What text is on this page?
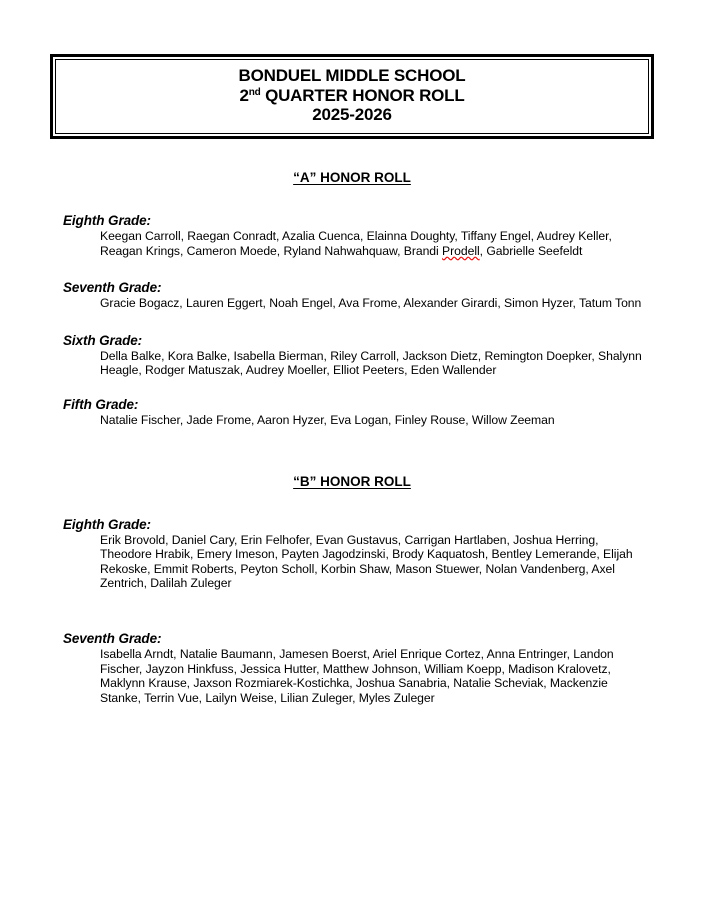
BONDUEL MIDDLE SCHOOL
2nd QUARTER HONOR ROLL
2025-2026
“A” HONOR ROLL

Eighth Grade:

Keegan Carroll, Raegan Conradt, Azalia Cuenca, Elainna Doughty, Tiffany Engel, Audrey Keller, Reagan Krings, Cameron Moede, Ryland Nahwahquaw, Brandi Prodell, Gabrielle Seefeldt

Seventh Grade:

Gracie Bogacz, Lauren Eggert, Noah Engel, Ava Frome, Alexander Girardi, Simon Hyzer, Tatum Tonn

Sixth Grade:

Della Balke, Kora Balke, Isabella Bierman, Riley Carroll, Jackson Dietz, Remington Doepker, Shalynn Heagle, Rodger Matuszak, Audrey Moeller, Elliot Peeters, Eden Wallender

Fifth Grade:

Natalie Fischer, Jade Frome, Aaron Hyzer, Eva Logan, Finley Rouse, Willow Zeeman

“B” HONOR ROLL

Eighth Grade:

Erik Brovold, Daniel Cary, Erin Felhofer, Evan Gustavus, Carrigan Hartlaben, Joshua Herring, Theodore Hrabik, Emery Imeson, Payten Jagodzinski, Brody Kaquatosh, Bentley Lemerande, Elijah Rekoske, Emmit Roberts, Peyton Scholl, Korbin Shaw, Mason Stuewer, Nolan Vandenberg, Axel Zentrich, Dalilah Zuleger

Seventh Grade:

Isabella Arndt, Natalie Baumann, Jamesen Boerst, Ariel Enrique Cortez, Anna Entringer, Landon Fischer, Jayzon Hinkfuss, Jessica Hutter, Matthew Johnson, William Koepp, Madison Kralovetz, Maklynn Krause, Jaxson Rozmiarek-Kostichka, Joshua Sanabria, Natalie Scheviak, Mackenzie Stanke, Terrin Vue, Lailyn Weise, Lilian Zuleger, Myles Zuleger
